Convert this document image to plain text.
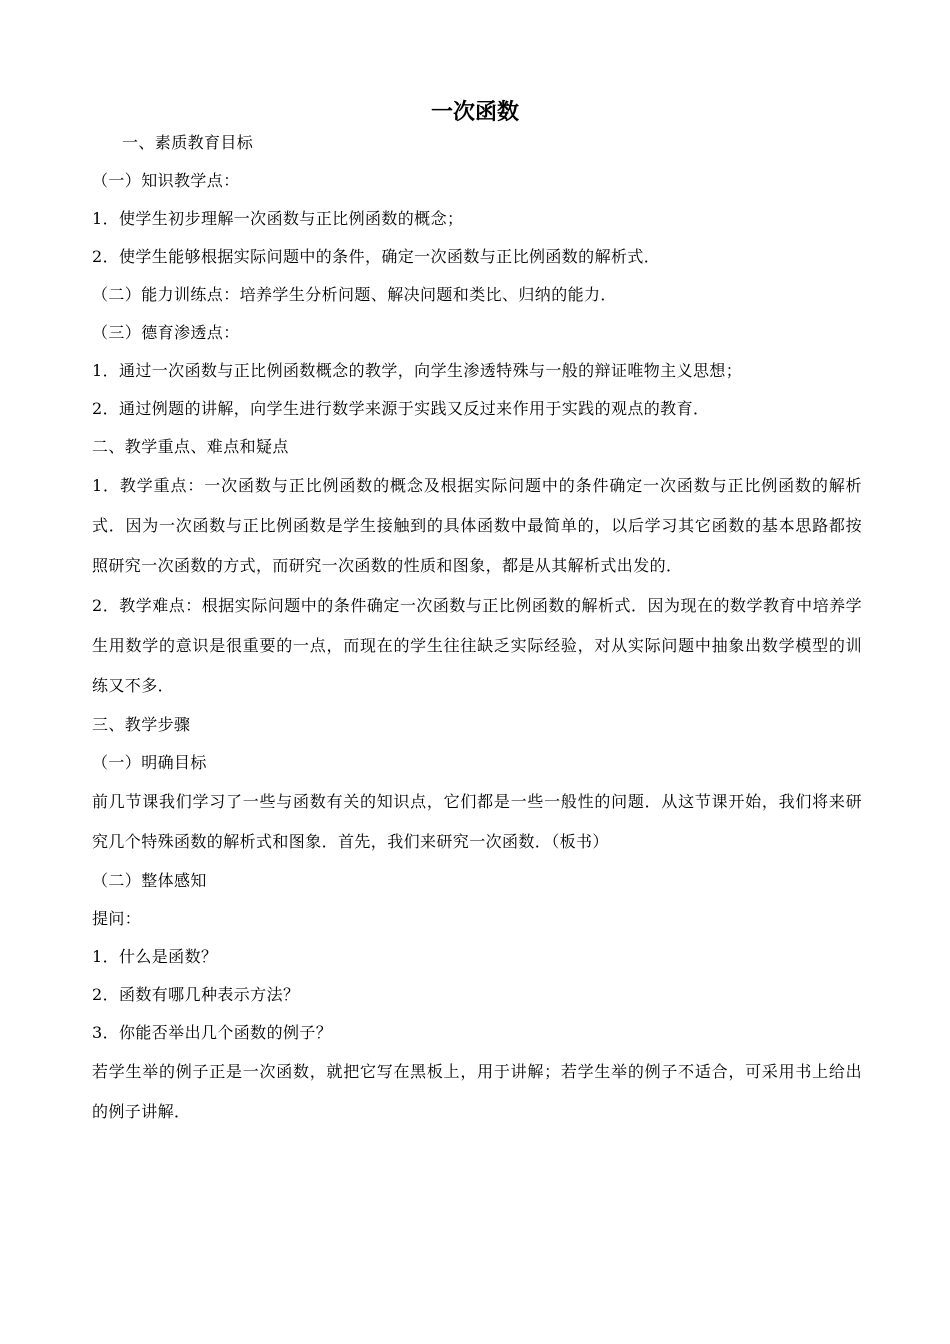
一次函数

一、素质教育目标

（一）知识教学点：

1．使学生初步理解一次函数与正比例函数的概念；

2．使学生能够根据实际问题中的条件，确定一次函数与正比例函数的解析式．

（二）能力训练点：培养学生分析问题、解决问题和类比、归纳的能力．

（三）德育渗透点：

1．通过一次函数与正比例函数概念的教学，向学生渗透特殊与一般的辩证唯物主义思想；

2．通过例题的讲解，向学生进行数学来源于实践又反过来作用于实践的观点的教育．

二、教学重点、难点和疑点

1．教学重点：一次函数与正比例函数的概念及根据实际问题中的条件确定一次函数与正比例函数的解析式．因为一次函数与正比例函数是学生接触到的具体函数中最简单的，以后学习其它函数的基本思路都按照研究一次函数的方式，而研究一次函数的性质和图象，都是从其解析式出发的．

2．教学难点：根据实际问题中的条件确定一次函数与正比例函数的解析式．因为现在的数学教育中培养学生用数学的意识是很重要的一点，而现在的学生往往缺乏实际经验，对从实际问题中抽象出数学模型的训练又不多．

三、教学步骤

（一）明确目标

前几节课我们学习了一些与函数有关的知识点，它们都是一些一般性的问题．从这节课开始，我们将来研究几个特殊函数的解析式和图象．首先，我们来研究一次函数．（板书）

（二）整体感知

提问：

1．什么是函数？

2．函数有哪几种表示方法？

3．你能否举出几个函数的例子？

若学生举的例子正是一次函数，就把它写在黑板上，用于讲解；若学生举的例子不适合，可采用书上给出的例子讲解．
